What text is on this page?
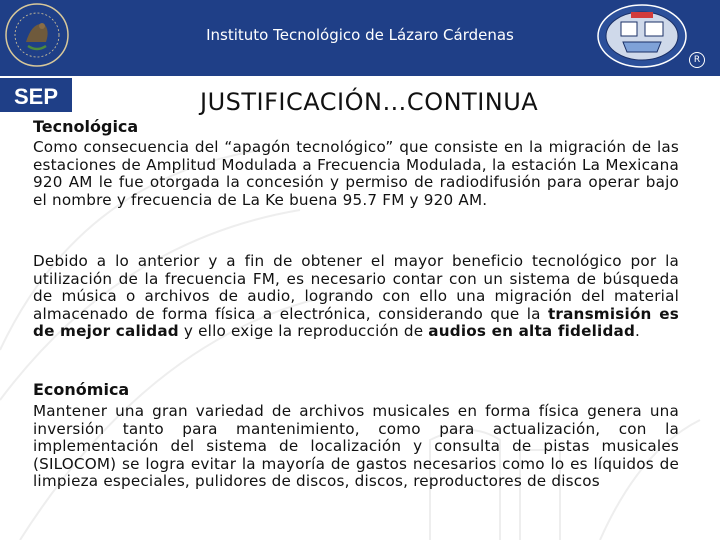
Instituto Tecnológico de Lázaro Cárdenas
R
SEP	JUSTIFICACIÓN…CONTINUA
Tecnológica
Como consecuencia del “apagón tecnológico” que consiste en la migración de las estaciones de Amplitud Modulada a Frecuencia Modulada, la estación La Mexicana 920 AM le fue otorgada la concesión y permiso de radiodifusión para operar bajo el nombre y frecuencia de La Ke buena 95.7 FM y 920 AM.
Debido a lo anterior y a fin de obtener el mayor beneficio tecnológico por la utilización de la frecuencia FM, es necesario contar con un sistema de búsqueda de música o archivos de audio, logrando con ello una migración del material almacenado de forma física a electrónica, considerando que la transmisión es de mejor calidad y ello exige la reproducción de audios en alta fidelidad.
Económica
Mantener una gran variedad de archivos musicales en forma física genera una inversión tanto para mantenimiento, como para actualización, con la implementación del sistema de localización y consulta de pistas musicales (SILOCOM) se logra evitar la mayoría de gastos necesarios como lo es líquidos de limpieza especiales, pulidores de discos, discos, reproductores de discos
